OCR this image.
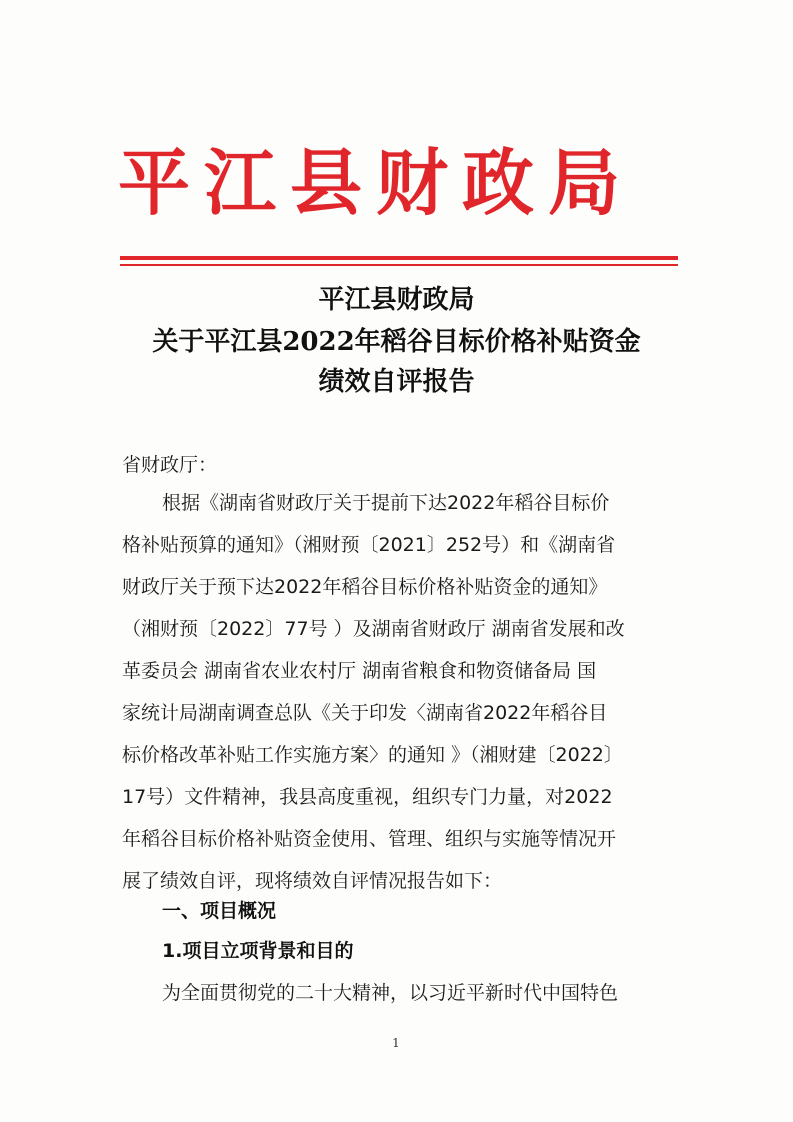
平江县财政局
平江县财政局
关于平江县2022年稻谷目标价格补贴资金
绩效自评报告
省财政厅：
根据《湖南省财政厅关于提前下达2022年稻谷目标价
格补贴预算的通知》（湘财预〔2021〕252号）和《湖南省
财政厅关于预下达2022年稻谷目标价格补贴资金的通知》
（湘财预〔2022〕77号 ）及湖南省财政厅 湖南省发展和改
革委员会 湖南省农业农村厅 湖南省粮食和物资储备局 国
家统计局湖南调查总队《关于印发〈湖南省2022年稻谷目
标价格改革补贴工作实施方案〉的通知 》（湘财建〔2022〕
17号）文件精神，我县高度重视，组织专门力量，对2022
年稻谷目标价格补贴资金使用、管理、组织与实施等情况开
展了绩效自评，现将绩效自评情况报告如下：
一、项目概况
1.项目立项背景和目的
为全面贯彻党的二十大精神，以习近平新时代中国特色
1
